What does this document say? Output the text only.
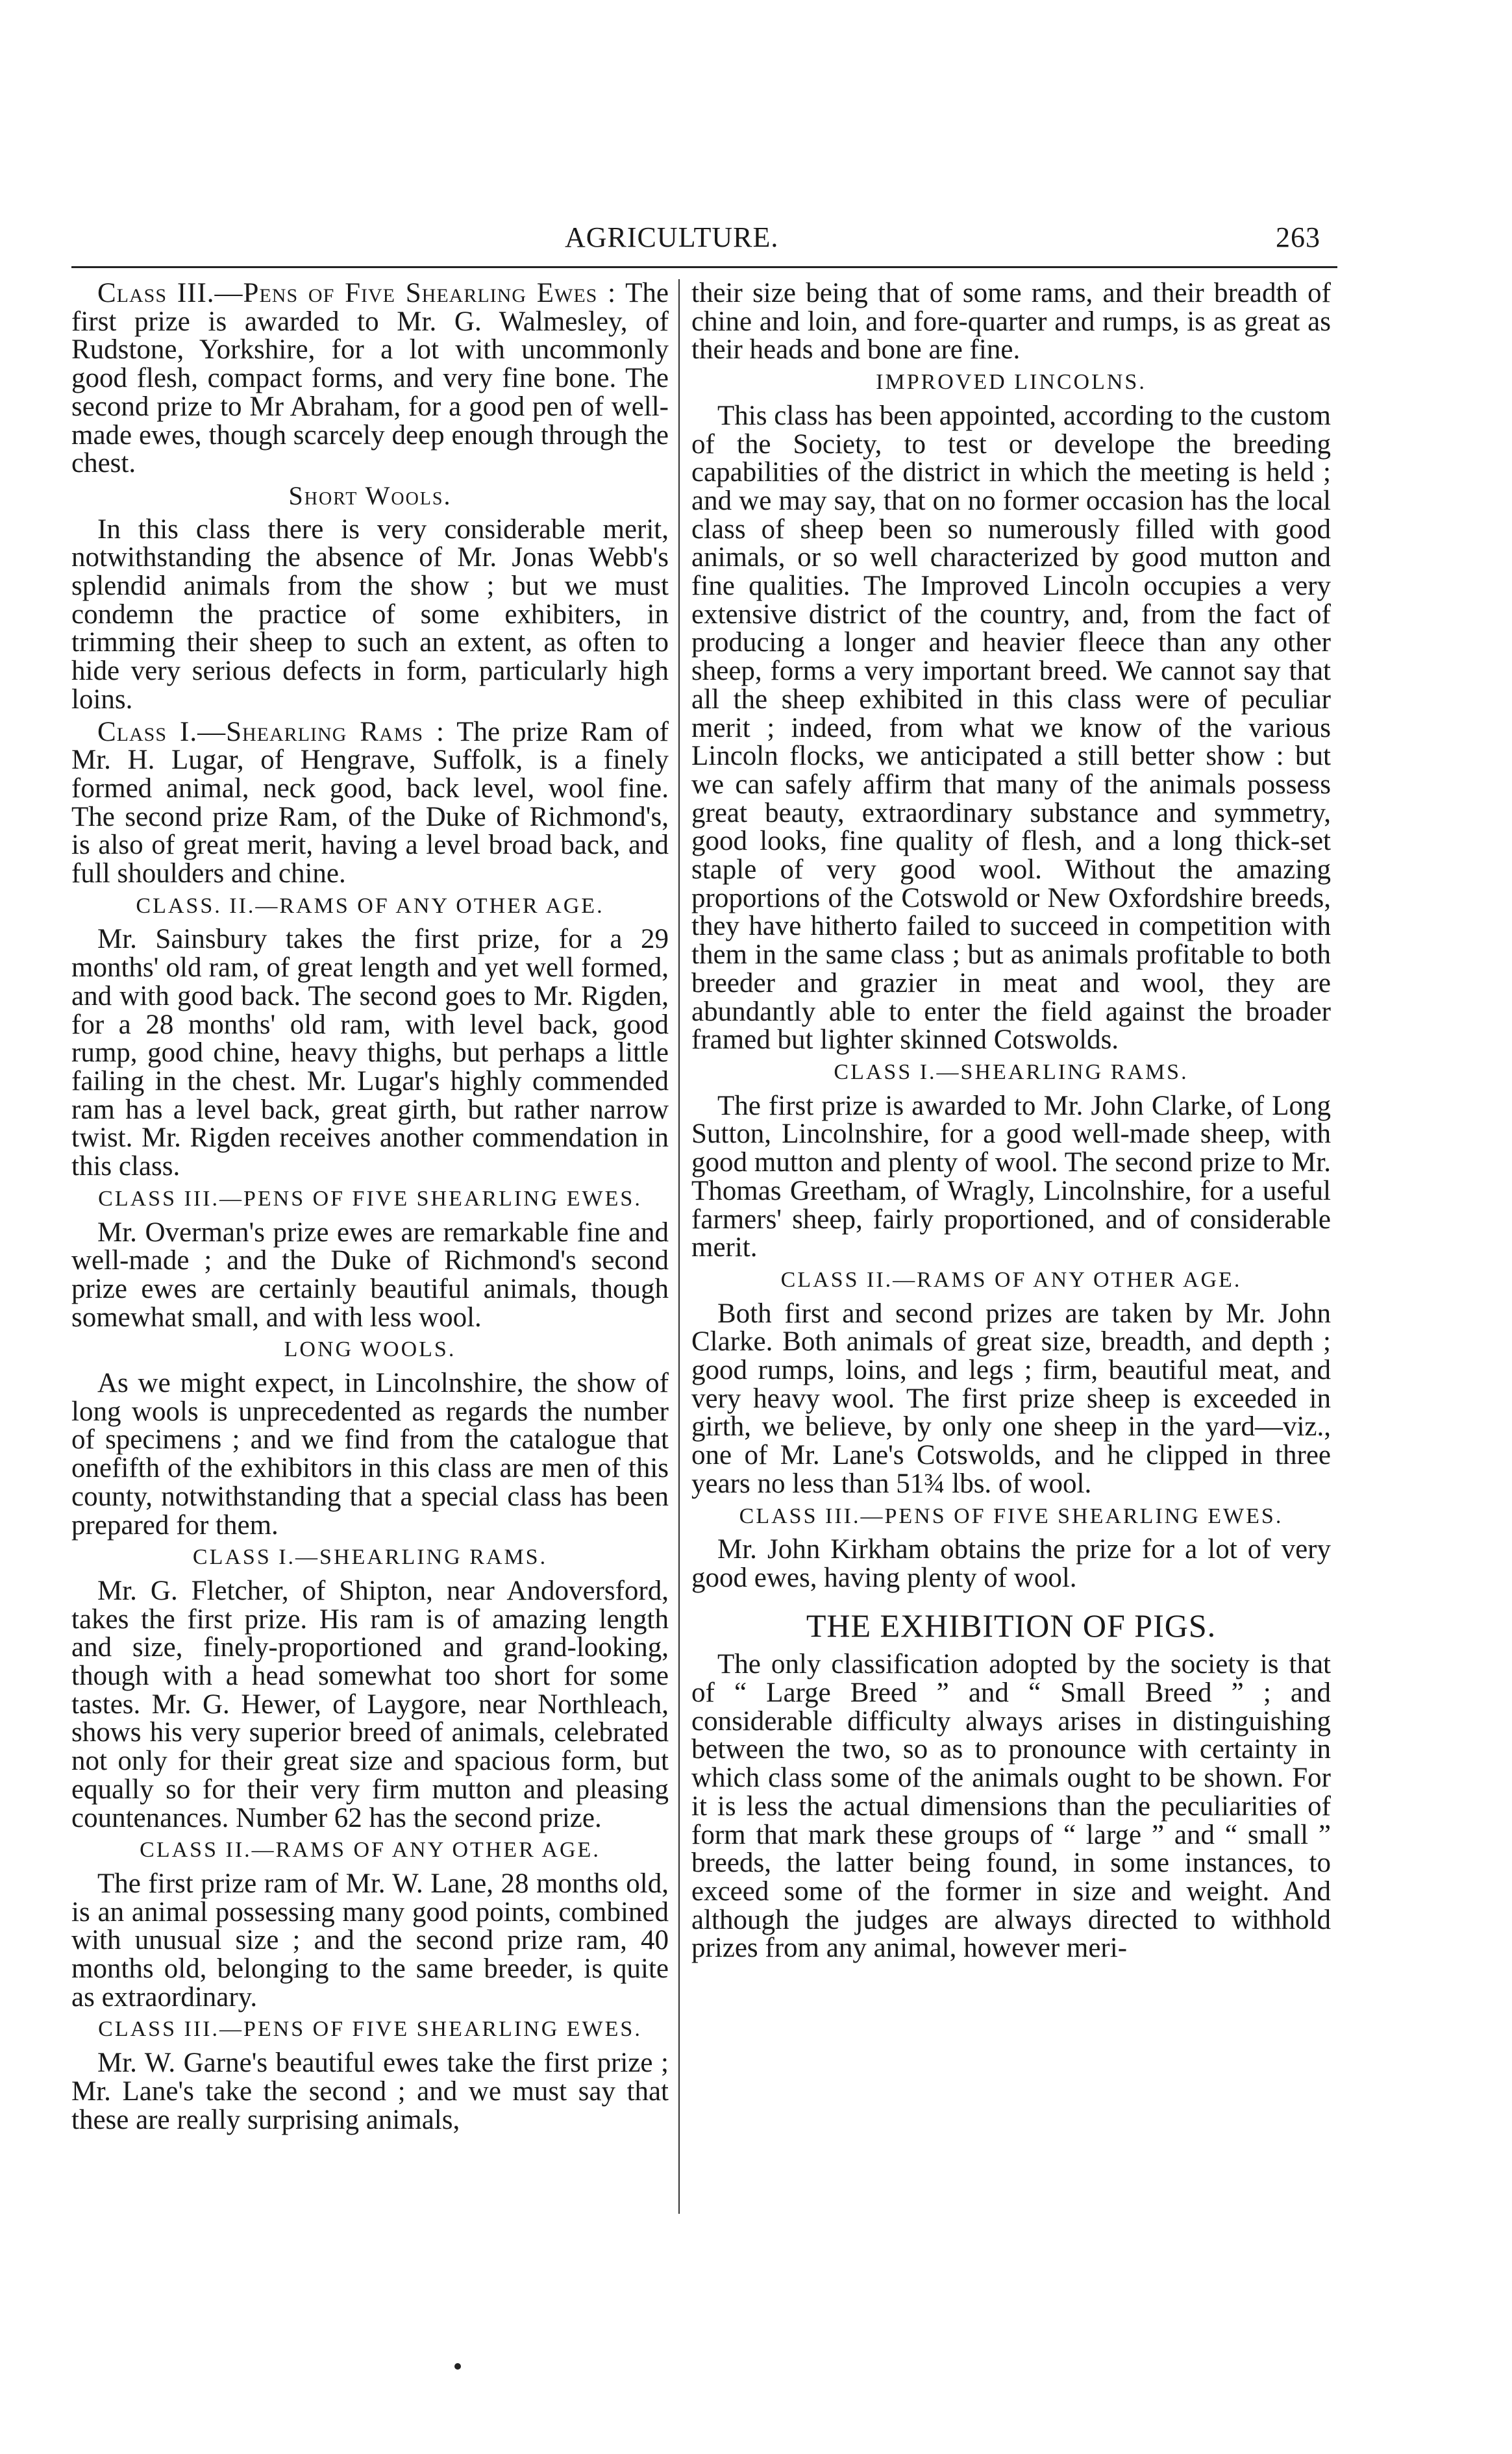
AGRICULTURE.	263

Class III.—Pens of Five Shearling Ewes : The first prize is awarded to Mr. G. Walmesley, of Rudstone, Yorkshire, for a lot with uncommonly good flesh, compact forms, and very fine bone. The second prize to Mr Abraham, for a good pen of well-made ewes, though scarcely deep enough through the chest.

Short Wools.

In this class there is very considerable merit, notwithstanding the absence of Mr. Jonas Webb's splendid animals from the show ; but we must condemn the practice of some exhibiters, in trimming their sheep to such an extent, as often to hide very serious defects in form, particularly high loins.

Class I.—Shearling Rams : The prize Ram of Mr. H. Lugar, of Hengrave, Suffolk, is a finely formed animal, neck good, back level, wool fine. The second prize Ram, of the Duke of Richmond's, is also of great merit, having a level broad back, and full shoulders and chine.

CLASS. II.—RAMS OF ANY OTHER AGE.

Mr. Sainsbury takes the first prize, for a 29 months' old ram, of great length and yet well formed, and with good back. The second goes to Mr. Rigden, for a 28 months' old ram, with level back, good rump, good chine, heavy thighs, but perhaps a little failing in the chest. Mr. Lugar's highly commended ram has a level back, great girth, but rather narrow twist. Mr. Rigden receives another commendation in this class.

CLASS III.—PENS OF FIVE SHEARLING EWES.

Mr. Overman's prize ewes are remarkable fine and well-made ; and the Duke of Richmond's second prize ewes are certainly beautiful animals, though somewhat small, and with less wool.

LONG WOOLS.

As we might expect, in Lincolnshire, the show of long wools is unprecedented as regards the number of specimens ; and we find from the catalogue that onefifth of the exhibitors in this class are men of this county, notwithstanding that a special class has been prepared for them.

CLASS I.—SHEARLING RAMS.

Mr. G. Fletcher, of Shipton, near Andoversford, takes the first prize. His ram is of amazing length and size, finely-proportioned and grand-looking, though with a head somewhat too short for some tastes. Mr. G. Hewer, of Laygore, near Northleach, shows his very superior breed of animals, celebrated not only for their great size and spacious form, but equally so for their very firm mutton and pleasing countenances. Number 62 has the second prize.

CLASS II.—RAMS OF ANY OTHER AGE.

The first prize ram of Mr. W. Lane, 28 months old, is an animal possessing many good points, combined with unusual size ; and the second prize ram, 40 months old, belonging to the same breeder, is quite as extraordinary.

CLASS III.—PENS OF FIVE SHEARLING EWES.

Mr. W. Garne's beautiful ewes take the first prize ; Mr. Lane's take the second ; and we must say that these are really surprising animals,

their size being that of some rams, and their breadth of chine and loin, and fore-quarter and rumps, is as great as their heads and bone are fine.

IMPROVED LINCOLNS.

This class has been appointed, according to the custom of the Society, to test or develope the breeding capabilities of the district in which the meeting is held ; and we may say, that on no former occasion has the local class of sheep been so numerously filled with good animals, or so well characterized by good mutton and fine qualities. The Improved Lincoln occupies a very extensive district of the country, and, from the fact of producing a longer and heavier fleece than any other sheep, forms a very important breed. We cannot say that all the sheep exhibited in this class were of peculiar merit ; indeed, from what we know of the various Lincoln flocks, we anticipated a still better show : but we can safely affirm that many of the animals possess great beauty, extraordinary substance and symmetry, good looks, fine quality of flesh, and a long thick-set staple of very good wool. Without the amazing proportions of the Cotswold or New Oxfordshire breeds, they have hitherto failed to succeed in competition with them in the same class ; but as animals profitable to both breeder and grazier in meat and wool, they are abundantly able to enter the field against the broader framed but lighter skinned Cotswolds.

CLASS I.—SHEARLING RAMS.

The first prize is awarded to Mr. John Clarke, of Long Sutton, Lincolnshire, for a good well-made sheep, with good mutton and plenty of wool. The second prize to Mr. Thomas Greetham, of Wragly, Lincolnshire, for a useful farmers' sheep, fairly proportioned, and of considerable merit.

CLASS II.—RAMS OF ANY OTHER AGE.

Both first and second prizes are taken by Mr. John Clarke. Both animals of great size, breadth, and depth ; good rumps, loins, and legs ; firm, beautiful meat, and very heavy wool. The first prize sheep is exceeded in girth, we believe, by only one sheep in the yard—viz., one of Mr. Lane's Cotswolds, and he clipped in three years no less than 51¾ lbs. of wool.

CLASS III.—PENS OF FIVE SHEARLING EWES.

Mr. John Kirkham obtains the prize for a lot of very good ewes, having plenty of wool.

THE EXHIBITION OF PIGS.

The only classification adopted by the society is that of “ Large Breed ” and “ Small Breed ” ; and considerable difficulty always arises in distinguishing between the two, so as to pronounce with certainty in which class some of the animals ought to be shown. For it is less the actual dimensions than the peculiarities of form that mark these groups of “ large ” and “ small ” breeds, the latter being found, in some instances, to exceed some of the former in size and weight. And although the judges are always directed to withhold prizes from any animal, however meri-
